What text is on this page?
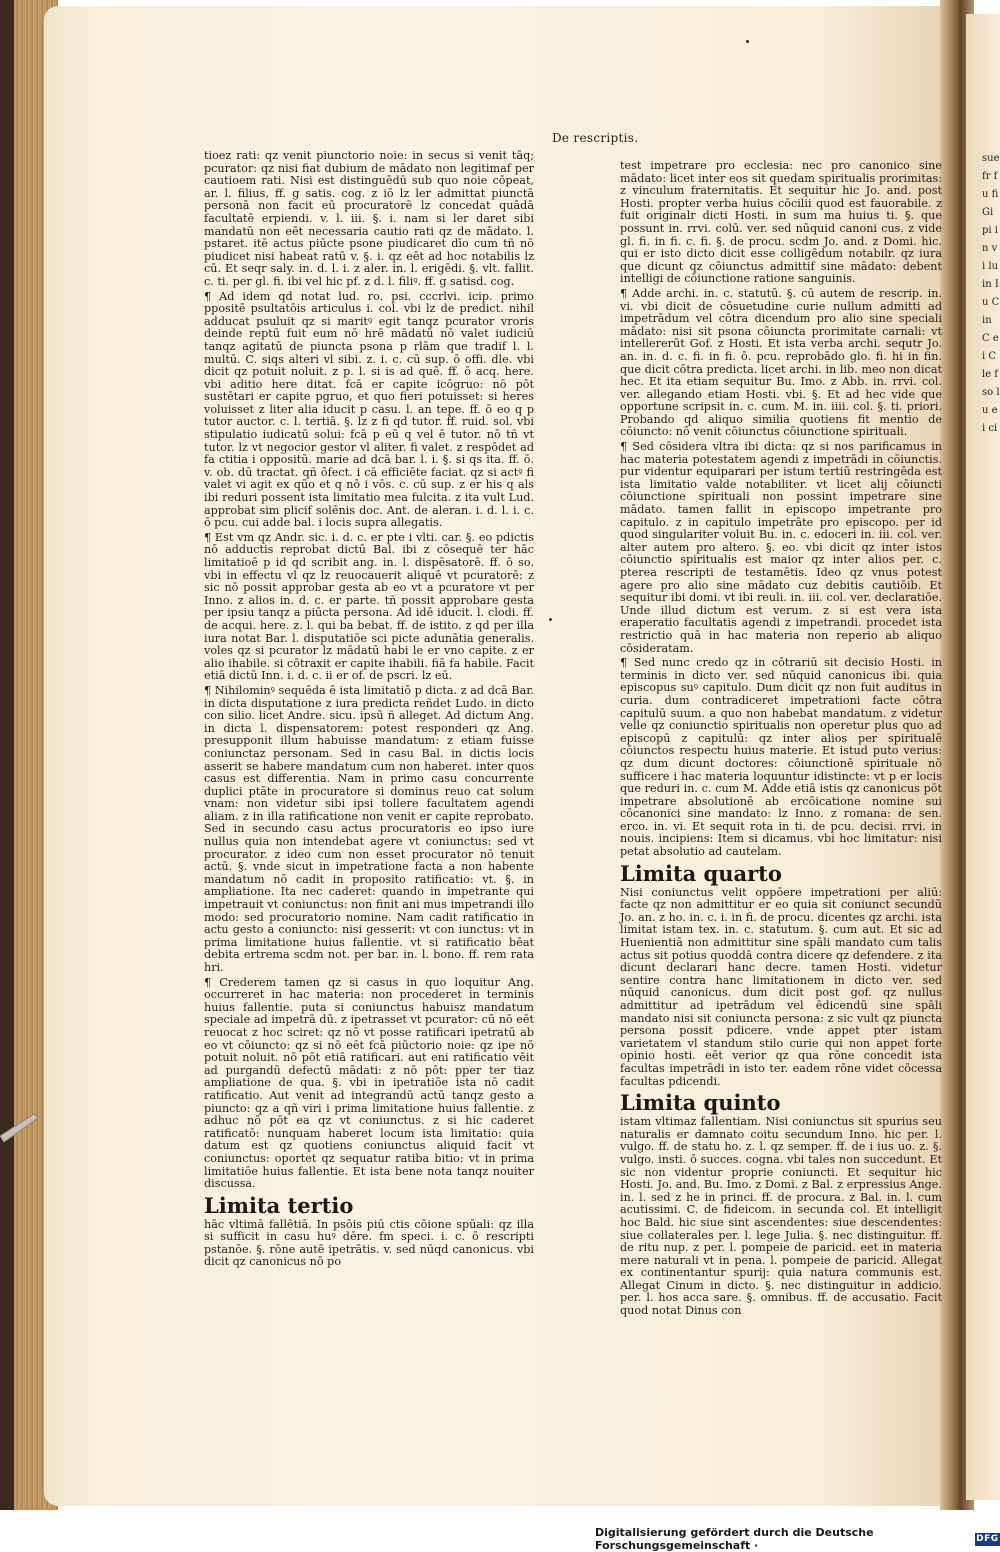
De rescriptis.

tioez rati: qz venit piunctorio noie: in secus si venit tāq; pcurator: qz nisi fiat dubium de mādato non legitimaf per cautioem rati. Nisi est distinguēdū sub quo noie cōpeat, ar. l. filius, ff. g satis. cog. z iō lz ler admittat piunctā personā non facit eū procuratorē lz concedat quādā facultatē erpiendi. v. l. iii. §. i. nam si ler daret sibi mandatū non eēt necessaria cautio rati qz de mādato. l. pstaret. itē actus piūcte psone piudicaret dīo cum tñ nō piudicet nisi habeat ratū v. §. i. qz eēt ad hoc notabilis lz cū. Et seqr saly. in. d. l. i. z aler. in. l. erigēdi. §. vlt. fallit. c. ti. per gl. fi. ibi vel hic pf. z d. l. filiꝰ. ff. g satisd. cog.

¶ Ad idem qd notat lud. ro. psi. cccrlvi. icip. primo ppositē psultatōis articulus i. col. vbi lz de predict. nihil adducat psuluit qz si maritꝰ egit tanqz pcurator vroris deinde reptū fuit eum nō hrē mādatū nō valet iudiciū tanqz agitatū de piuncta psona p rlām que tradif l. l. multū. C. siqs alteri vl sibi. z. i. c. cū sup. ō offi. dle. vbi dicit qz potuit noluit. z p. l. si is ad quē. ff. ō acq. here. vbi aditio here ditat. fcā er capite icōgruo: nō pōt sustētari er capite pgruo, et quo fieri potuisset: si heres voluisset z liter alia iducit p casu. l. an tepe. ff. ō eo q p tutor auctor. c. l. tertiā. §. lz z fi qd tutor. ff. ruid. sol. vbi stipulatio iudicatū solui: fcā p eū q vel ē tutor. nō tñ vt tutor. lz vt negocior gestor vl aliter. fi valet. z respōdet ad fa ctitia i oppositū. marie ad dcā bar. l. i. §. si qs ita. ff. ō. v. ob. dū tractat. qñ ōfect. i cā efficiēte faciat. qz si actꝰ fi valet vi agit ex qūo et q nō i vōs. c. cū sup. z er his q als ibi reduri possent ista limitatio mea fulcita. z ita vult Lud. approbat sim plicif solēnis doc. Ant. de aleran. i. d. l. i. c. ō pcu. cui adde bal. i locis supra allegatis.

¶ Est vm qz Andr. sic. i. d. c. er pte i vlti. car. §. eo pdictis nō adductis reprobat dictū Bal. ibi z cōsequē ter hāc limitatioē p id qd scribit ang. in. l. dispēsatorē. ff. ō so. vbi in effectu vl qz lz reuocauerit aliquē vt pcuratorē: z sic nō possit approbar gesta ab eo vt a pcuratore vt per Inno. z alios in. d. c. er parte. tñ possit approbare gesta per ipsiu tanqz a piūcta persona. Ad idē iducit. l. clodi. ff. de acqui. here. z. l. qui ba bebat. ff. de istito. z qd per illa iura notat Bar. l. disputatiōe sci picte adunātia generalis. voles qz si pcurator lz mādatū habi le er vno capite. z er alio ihabile. si cōtraxit er capite ihabili. fiā fa habile. Facit etiā dictū Inn. i. d. c. ii er of. de pscri. lz eū.

¶ Nihilominꝰ sequēda ē ista limitatiō p dicta. z ad dcā Bar. in dicta disputatione z iura predicta reñdet Ludo. in dicto con silio. licet Andre. sicu. ipsū ñ alleget. Ad dictum Ang. in dicta l. dispensatorem: potest responderi qz Ang. presupponit illum habuisse mandatum: z etiam fuisse coniunctaz personam. Sed in casu Bal. in dictis locis asserit se habere mandatum cum non haberet. inter quos casus est differentia. Nam in primo casu concurrente duplici ptāte in procuratore si dominus reuo cat solum vnam: non videtur sibi ipsi tollere facultatem agendi aliam. z in illa ratificatione non venit er capite reprobato. Sed in secundo casu actus procuratoris eo ipso iure nullus quia non intendebat agere vt coniunctus: sed vt procurator. z ideo cum non esset procurator nō tenuit actū. §. vnde sicut in impetratione facta a non habente mandatum nō cadit in proposito ratificatio: vt. §. in ampliatione. Ita nec caderet: quando in impetrante qui impetrauit vt coniunctus: non finit ani mus impetrandi illo modo: sed procuratorio nomine. Nam cadit ratificatio in actu gesto a coniuncto: nisi gesserit: vt con iunctus: vt in prima limitatione huius fallentie. vt si ratificatio bēat debita ertrema scdm not. per bar. in. l. bono. ff. rem rata hri.

¶ Crederem tamen qz si casus in quo loquitur Ang. occurreret in hac materia: non procederet in terminis huius fallentie. puta si coniunctus habuisz mandatum speciale ad impetrā dū. z ipetrasset vt pcurator: cū nō eēt reuocat z hoc sciret: qz nō vt posse ratificari ipetratū ab eo vt cōiuncto: qz si nō eēt fcā piūctorio noie: qz ipe nō potuit noluit. nō pōt etiā ratificari. aut eni ratificatio vēit ad purgandū defectū mādati: z nō pōt: pper ter tiaz ampliatione de qua. §. vbi in ipetratiōe ista nō cadit ratificatio. Aut venit ad integrandū actū tanqz gesto a piuncto: qz a qñ viri i prima limitatione huius fallentie. z adhuc nō pōt ea qz vt coniunctus. z si hic caderet ratificatō: nunquam haberet locum ista limitatio: quia datum est qz quotiens coniunctus aliquid facit vt coniunctus: oportet qz sequatur ratiba bitio: vt in prima limitatiōe huius fallentie. Et ista bene nota tanqz nouiter discussa.

Limita tertio

hāc vltimā fallētiā. In psōis piū ctis cōione spūali: qz illa si sufficit in casu huꝰ dēre. fm speci. i. c. ō rescripti pstanōe. §. rōne autē ipetrātis. v. sed nūqd canonicus. vbi dicit qz canonicus nō po

test impetrare pro ecclesia: nec pro canonico sine mādato: licet inter eos sit quedam spiritualis prorimitas: z vinculum fraternitatis. Et sequitur hic Jo. and. post Hosti. propter verba huius cōcilii quod est fauorabile. z fuit originalr dicti Hosti. in sum ma huius ti. §. que possunt in. rrvi. colū. ver. sed nūquid canoni cus. z vide gl. fi. in fi. c. fi. §. de procu. scdm Jo. and. z Domi. hic. qui er isto dicto dicit esse colligēdum notabilr. qz iura que dicunt qz cōiunctus admittif sine mādato: debent intelligi de cōiunctione ratione sanguinis.

¶ Adde archi. in. c. statutū. §. cū autem de rescrip. in. vi. vbi dicit de cōsuetudine curie nullum admitti ad impetrādum vel cōtra dicendum pro alio sine speciali mādato: nisi sit psona cōiuncta prorimitate carnali: vt intellererūt Gof. z Hosti. Et ista verba archi. sequtr Jo. an. in. d. c. fi. in fi. ō. pcu. reprobādo glo. fi. hi in fin. que dicit cōtra predicta. licet archi. in lib. meo non dicat hec. Et ita etiam sequitur Bu. Imo. z Abb. in. rrvi. col. ver. allegando etiam Hosti. vbi. §. Et ad hec vide que opportune scripsit in. c. cum. M. in. iiii. col. §. ti. priori. Probando qd aliquo similia quotiens fit mentio de cōiuncto: nō venit cōiunctus cōiunctione spirituali.

¶ Sed cōsidera vltra ibi dicta: qz si nos parificamus in hac materia potestatem agendi z impetrādi in cōiunctis. pur videntur equiparari per istum tertiū restringēda est ista limitatio valde notabiliter. vt licet alij cōiuncti cōiunctione spirituali non possint impetrare sine mādato. tamen fallit in episcopo impetrante pro capitulo. z in capitulo impetrāte pro episcopo. per id quod singulariter voluit Bu. in. c. edoceri in. iii. col. ver. alter autem pro altero. §. eo. vbi dicit qz inter istos cōiunctio spiritualis est maior qz inter alios per. c. pterea rescripti de testamētis. Ideo qz vnus potest agere pro alio sine mādato cuz debitis cautiōib. Et sequitur ibi domi. vt ibi reuli. in. iii. col. ver. declaratiōe. Unde illud dictum est verum. z si est vera ista eraperatio facultatis agendi z impetrandi. procedet ista restrictio quā in hac materia non reperio ab aliquo cōsideratam.

¶ Sed nunc credo qz in cōtrariū sit decisio Hosti. in terminis in dicto ver. sed nūquid canonicus ibi. quia episcopus suꝰ capitulo. Dum dicit qz non fuit auditus in curia. dum contradiceret impetrationi facte cōtra capitulū suum. a quo non habebat mandatum. z videtur velle qz coniunctio spiritualis non operetur plus quo ad episcopū z capitulū: qz inter alios per spiritualē cōiunctos respectu huius materie. Et istud puto verius: qz dum dicunt doctores: cōiunctionē spirituale nō sufficere i hac materia loquuntur idistincte: vt p er locis que reduri in. c. cum M. Adde etiā istis qz canonicus pōt impetrare absolutionē ab ercōicatione nomine sui cōcanonici sine mandato: lz Inno. z romana: de sen. erco. in. vi. Et sequit rota in ti. de pcu. decisi. rrvi. in nouis. incipiens: Item si dicamus. vbi hoc limitatur: nisi petat absolutio ad cautelam.

Limita quarto

Nisi coniunctus velit oppōere impetrationi per aliū: facte qz non admittitur er eo quia sit coniunct secundū Jo. an. z ho. in. c. i. in fi. de procu. dicentes qz archi. ista limitat istam tex. in. c. statutum. §. cum aut. Et sic ad Huenientiā non admittitur sine spāli mandato cum talis actus sit potius quoddā contra dicere qz defendere. z ita dicunt declarari hanc decre. tamen Hosti. videtur sentire contra hanc limitationem in dicto ver. sed nūquid canonicus. dum dicit post gof. qz nullus admittitur ad ipetrādum vel ēdicendū sine spāli mandato nisi sit coniuncta persona: z sic vult qz piuncta persona possit pdicere. vnde appet pter istam varietatem vl standum stilo curie qui non appet forte opinio hosti. eēt verior qz qua rōne concedit ista facultas impetrādi in isto ter. eadem rōne videt cōcessa facultas pdicendi.

Limita quinto

istam vltimaz fallentiam. Nisi coniunctus sit spurius seu naturalis er damnato coitu secundum Inno. hic per. l. vulgo. ff. de statu ho. z. l. qz semper. ff. de i ius uo. z. §. vulgo. insti. ō succes. cogna. vbi tales non succedunt. Et sic non videntur proprie coniuncti. Et sequitur hic Hosti. Jo. and. Bu. Imo. z Domi. z Bal. z erpressius Ange. in. l. sed z he in princi. ff. de procura. z Bal. in. l. cum acutissimi. C. de fideicom. in secunda col. Et intelligit hoc Bald. hic siue sint ascendentes: siue descendentes: siue collaterales per. l. lege Julia. §. nec distinguitur. ff. de ritu nup. z per. l. pompeie de paricid. eet in materia mere naturali vt in pena. l. pompeie de paricid. Allegat ex continentantur spurij: quia natura communis est. Allegat Cinum in dicto. §. nec distinguitur in addicio. per. l. hos acca sare. §. omnibus. ff. de accusatio. Facit quod notat Dinus con

sue fr fu fi Gi pi in vi lu in Iu C in C ei C le f so lu ei ci
Digitalisierung gefördert durch die Deutsche Forschungsgemeinschaft ·	DFG
